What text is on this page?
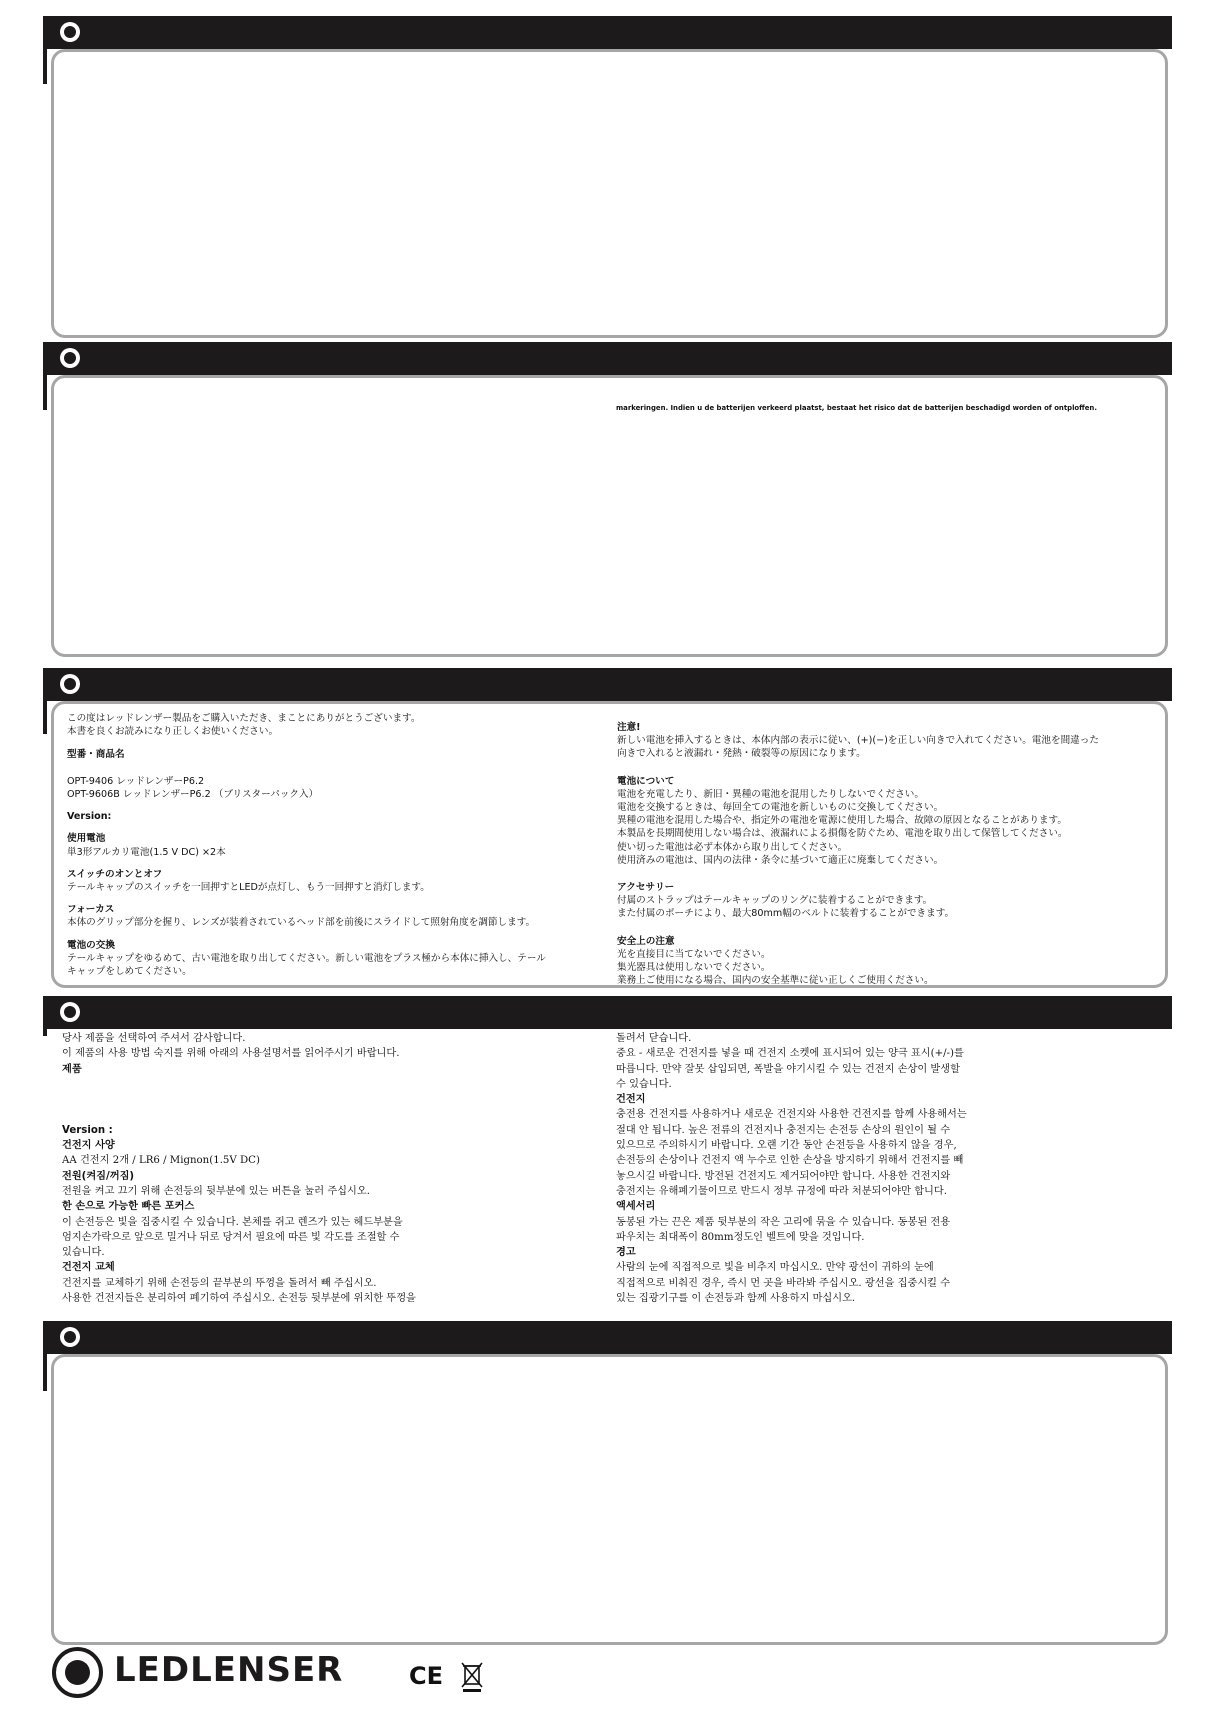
markeringen. Indien u de batterijen verkeerd plaatst, bestaat het risico dat de batterijen beschadigd worden of ontploffen.

この度はレッドレンザー製品をご購入いただき、まことにありがとうございます。

本書を良くお読みになり正しくお使いください。

型番・商品名

OPT-9406 レッドレンザーP6.2

OPT-9606B レッドレンザーP6.2 （ブリスターパック入）

Version:

使用電池

単3形アルカリ電池(1.5 V DC) ×2本

スイッチのオンとオフ

テールキャップのスイッチを一回押すとLEDが点灯し、もう一回押すと消灯します。

フォーカス

本体のグリップ部分を握り、レンズが装着されているヘッド部を前後にスライドして照射角度を調節します。

電池の交換

テールキャップをゆるめて、古い電池を取り出してください。新しい電池をプラス極から本体に挿入し、テール

キャップをしめてください。

注意!

新しい電池を挿入するときは、本体内部の表示に従い、(+)(−)を正しい向きで入れてください。電池を間違った

向きで入れると液漏れ・発熱・破裂等の原因になります。

電池について

電池を充電したり、新旧・異種の電池を混用したりしないでください。

電池を交換するときは、毎回全ての電池を新しいものに交換してください。

異種の電池を混用した場合や、指定外の電池を電源に使用した場合、故障の原因となることがあります。

本製品を長期間使用しない場合は、液漏れによる損傷を防ぐため、電池を取り出して保管してください。

使い切った電池は必ず本体から取り出してください。

使用済みの電池は、国内の法律・条令に基づいて適正に廃棄してください。

アクセサリー

付属のストラップはテールキャップのリングに装着することができます。

また付属のポーチにより、最大80mm幅のベルトに装着することができます。

安全上の注意

光を直接目に当てないでください。

集光器具は使用しないでください。

業務上ご使用になる場合、国内の安全基準に従い正しくご使用ください。

당사 제품을 선택하여 주셔서 감사합니다.

이 제품의 사용 방법 숙지를 위해 아래의 사용설명서를 읽어주시기 바랍니다.

제품

Version :

건전지 사양

AA 건전지 2개 / LR6 / Mignon(1.5V DC)

전원(켜짐/꺼짐)

전원을 켜고 끄기 위해 손전등의 뒷부분에 있는 버튼을 눌러 주십시오.

한 손으로 가능한 빠른 포커스

이 손전등은 빛을 집중시킬 수 있습니다. 본체를 쥐고 렌즈가 있는 헤드부분을

엄지손가락으로 앞으로 밀거나 뒤로 당겨서 필요에 따른 빛 각도를 조절할 수

있습니다.

건전지 교체

건전지를 교체하기 위해 손전등의 끝부분의 뚜껑을 돌려서 빼 주십시오.

사용한 건전지들은 분리하여 폐기하여 주십시오. 손전등 뒷부분에 위치한 뚜껑을

돌려서 닫습니다.

중요 - 새로운 건전지를 넣을 때 건전지 소켓에 표시되어 있는 양극 표시(+/-)를

따릅니다. 만약 잘못 삽입되면, 폭발을 야기시킬 수 있는 건전지 손상이 발생할

수 있습니다.

건전지

충전용 건전지를 사용하거나 새로운 건전지와 사용한 건전지를 함께 사용해서는

절대 안 됩니다. 높은 전류의 건전지나 충전지는 손전등 손상의 원인이 될 수

있으므로 주의하시기 바랍니다. 오랜 기간 동안 손전등을 사용하지 않을 경우,

손전등의 손상이나 건전지 액 누수로 인한 손상을 방지하기 위해서 건전지를 빼

놓으시길 바랍니다. 방전된 건전지도 제거되어야만 합니다. 사용한 건전지와

충전지는 유해폐기물이므로 반드시 정부 규정에 따라 처분되어야만 합니다.

액세서리

동봉된 가는 끈은 제품 뒷부분의 작은 고리에 묶을 수 있습니다. 동봉된 전용

파우치는 최대폭이 80mm정도인 벨트에 맞을 것입니다.

경고

사람의 눈에 직접적으로 빛을 비추지 마십시오. 만약 광선이 귀하의 눈에

직접적으로 비춰진 경우, 즉시 먼 곳을 바라봐 주십시오. 광선을 집중시킬 수

있는 집광기구를 이 손전등과 함께 사용하지 마십시오.

LEDLENSER	CE
